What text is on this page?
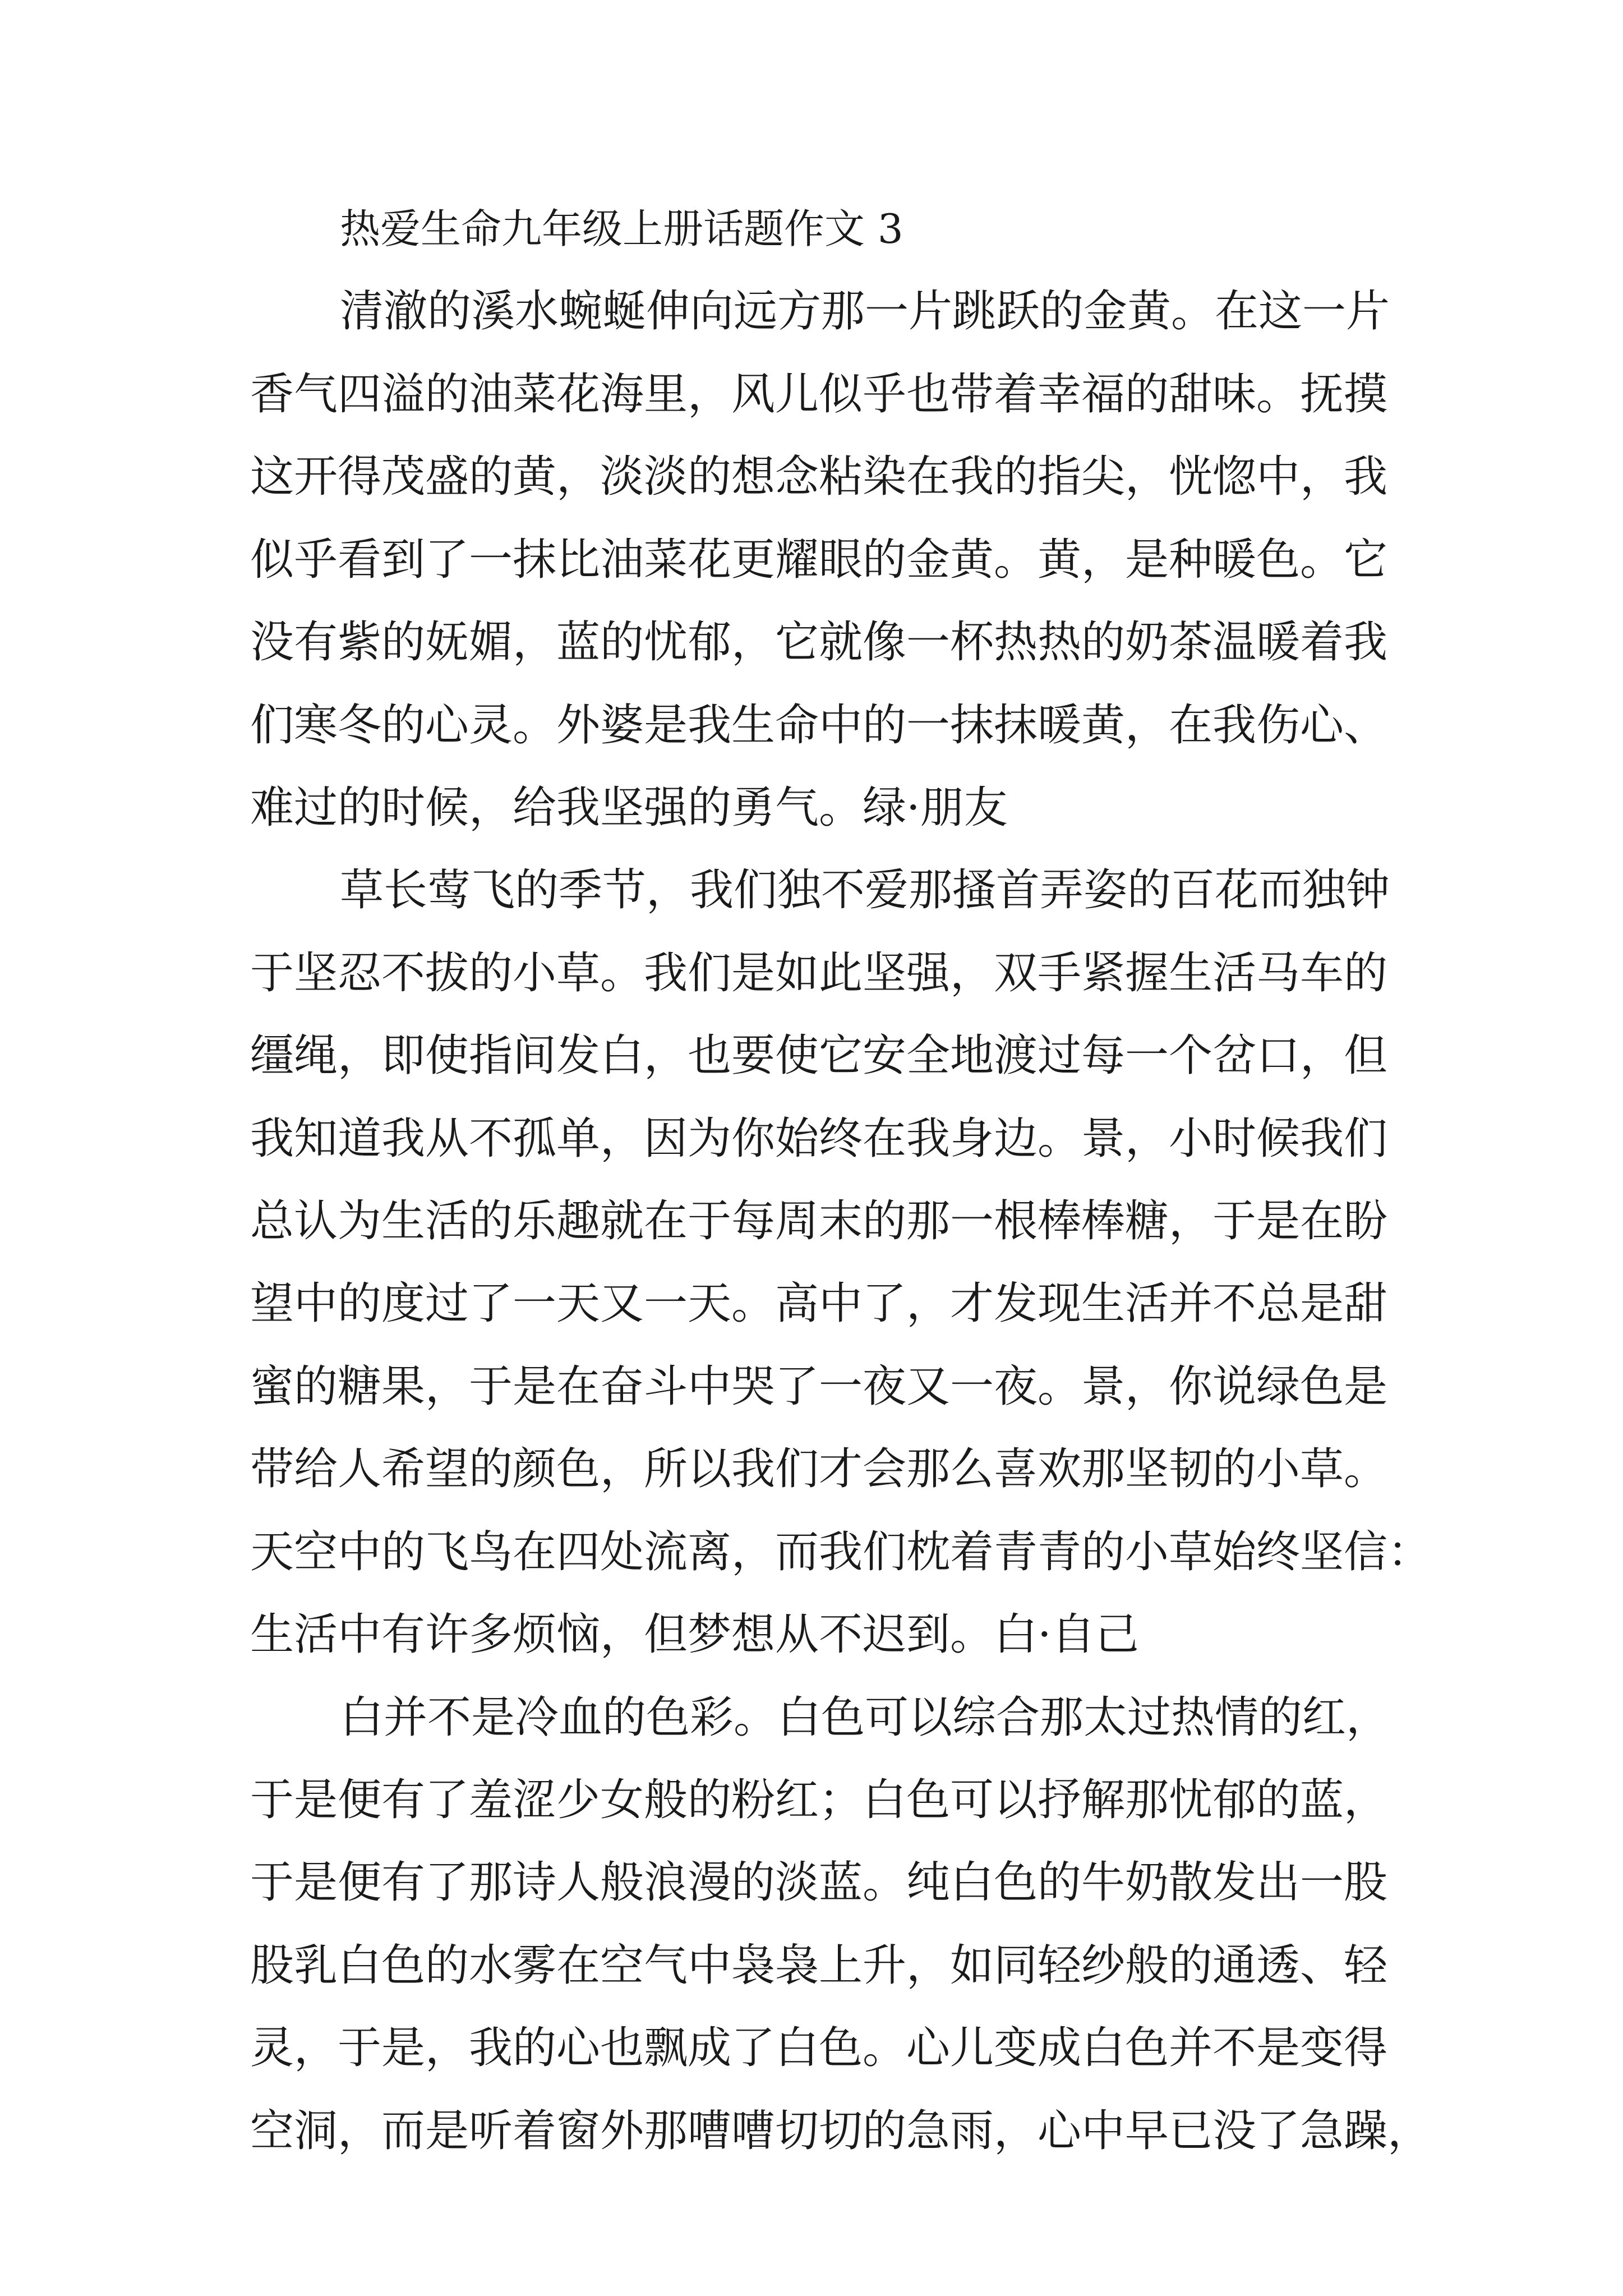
热爱生命九年级上册话题作文 3
清澈的溪水蜿蜒伸向远方那一片跳跃的金黄。在这一片
香气四溢的油菜花海里，风儿似乎也带着幸福的甜味。抚摸
这开得茂盛的黄，淡淡的想念粘染在我的指尖，恍惚中，我
似乎看到了一抹比油菜花更耀眼的金黄。黄，是种暖色。它
没有紫的妩媚，蓝的忧郁，它就像一杯热热的奶茶温暖着我
们寒冬的心灵。外婆是我生命中的一抹抹暖黄，在我伤心、
难过的时候，给我坚强的勇气。绿·朋友
草长莺飞的季节，我们独不爱那搔首弄姿的百花而独钟
于坚忍不拔的小草。我们是如此坚强，双手紧握生活马车的
缰绳，即使指间发白，也要使它安全地渡过每一个岔口，但
我知道我从不孤单，因为你始终在我身边。景，小时候我们
总认为生活的乐趣就在于每周末的那一根棒棒糖，于是在盼
望中的度过了一天又一天。高中了，才发现生活并不总是甜
蜜的糖果，于是在奋斗中哭了一夜又一夜。景，你说绿色是
带给人希望的颜色，所以我们才会那么喜欢那坚韧的小草。
天空中的飞鸟在四处流离，而我们枕着青青的小草始终坚信：
生活中有许多烦恼，但梦想从不迟到。白·自己
白并不是冷血的色彩。白色可以综合那太过热情的红，
于是便有了羞涩少女般的粉红；白色可以抒解那忧郁的蓝，
于是便有了那诗人般浪漫的淡蓝。纯白色的牛奶散发出一股
股乳白色的水雾在空气中袅袅上升，如同轻纱般的通透、轻
灵，于是，我的心也飘成了白色。心儿变成白色并不是变得
空洞，而是听着窗外那嘈嘈切切的急雨，心中早已没了急躁，
